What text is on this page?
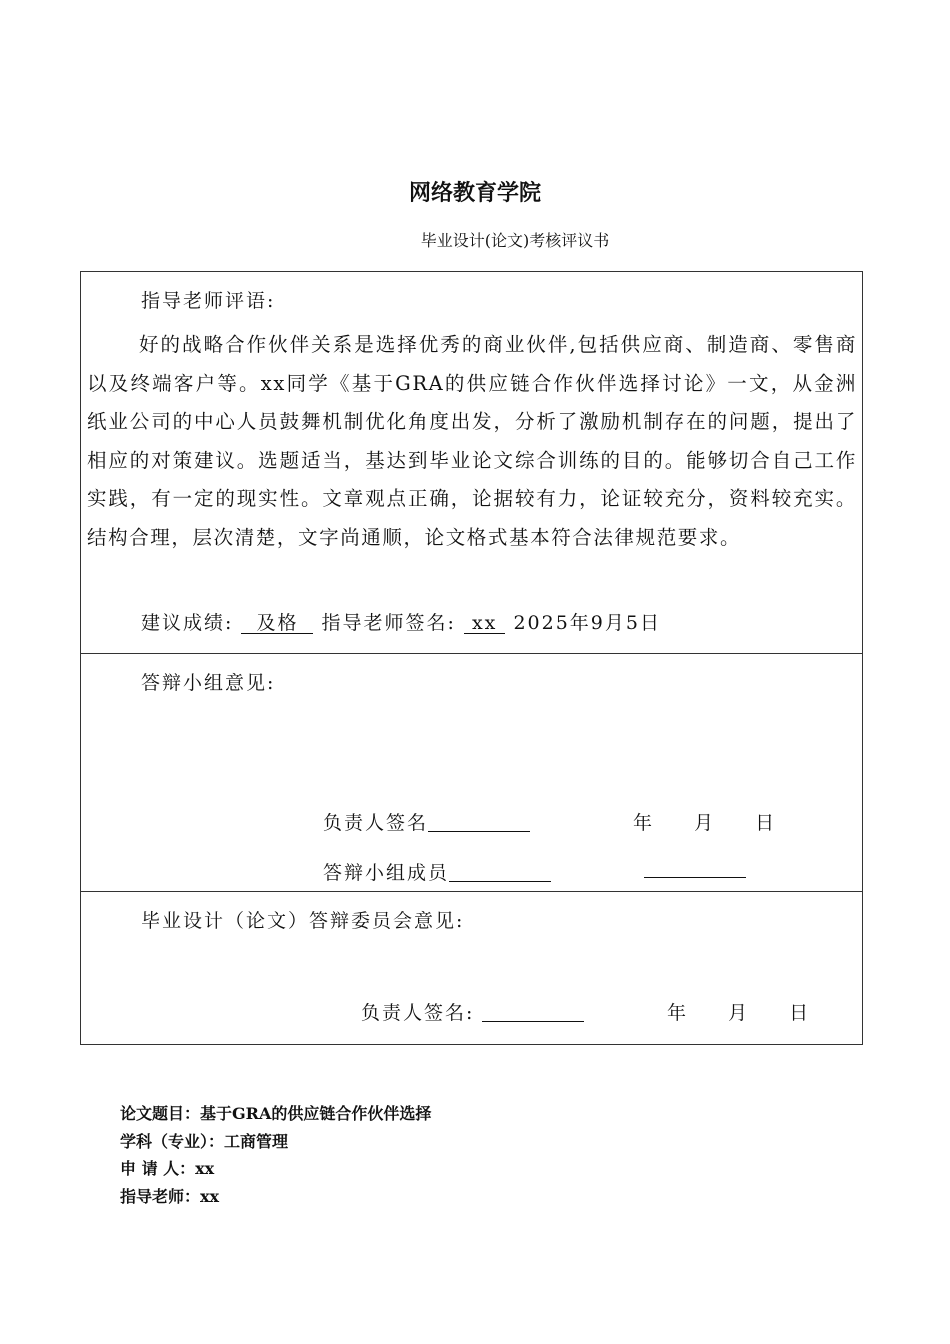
网络教育学院
毕业设计(论文)考核评议书
指导老师评语:
好的战略合作伙伴关系是选择优秀的商业伙伴,包括供应商、制造商、零售商以及终端客户等。xx同学《基于GRA的供应链合作伙伴选择讨论》一文，从金洲纸业公司的中心人员鼓舞机制优化角度出发，分析了激励机制存在的问题，提出了相应的对策建议。选题适当，基达到毕业论文综合训练的目的。能够切合自己工作实践，有一定的现实性。文章观点正确，论据较有力，论证较充分，资料较充实。结构合理，层次清楚，文字尚通顺，论文格式基本符合法律规范要求。
建议成绩: 及格 指导老师签名: xx 2025年9月5日
答辩小组意见:
负责人签名	年  月  日
答辩小组成员
毕业设计（论文）答辩委员会意见:
负责人签名:	年  月  日
论文题目：基于GRA的供应链合作伙伴选择
学科（专业）：工商管理
申 请 人：xx
指导老师：xx
